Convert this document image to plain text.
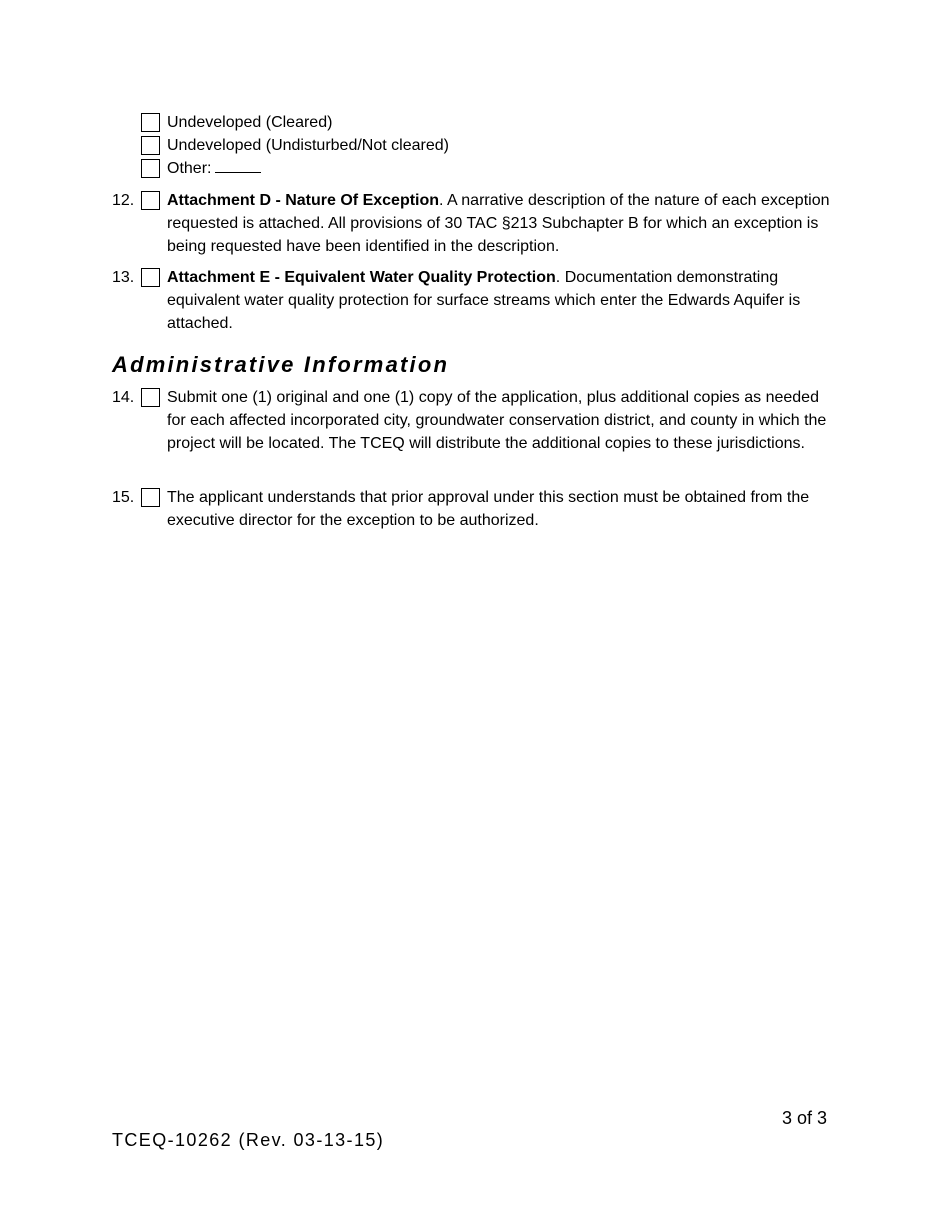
Undeveloped (Cleared)
Undeveloped (Undisturbed/Not cleared)
Other:
12. Attachment D - Nature Of Exception. A narrative description of the nature of each exception requested is attached. All provisions of 30 TAC §213 Subchapter B for which an exception is being requested have been identified in the description.
13. Attachment E - Equivalent Water Quality Protection. Documentation demonstrating equivalent water quality protection for surface streams which enter the Edwards Aquifer is attached.
Administrative Information
14. Submit one (1) original and one (1) copy of the application, plus additional copies as needed for each affected incorporated city, groundwater conservation district, and county in which the project will be located. The TCEQ will distribute the additional copies to these jurisdictions.
15. The applicant understands that prior approval under this section must be obtained from the executive director for the exception to be authorized.
3 of 3
TCEQ-10262 (Rev. 03-13-15)
